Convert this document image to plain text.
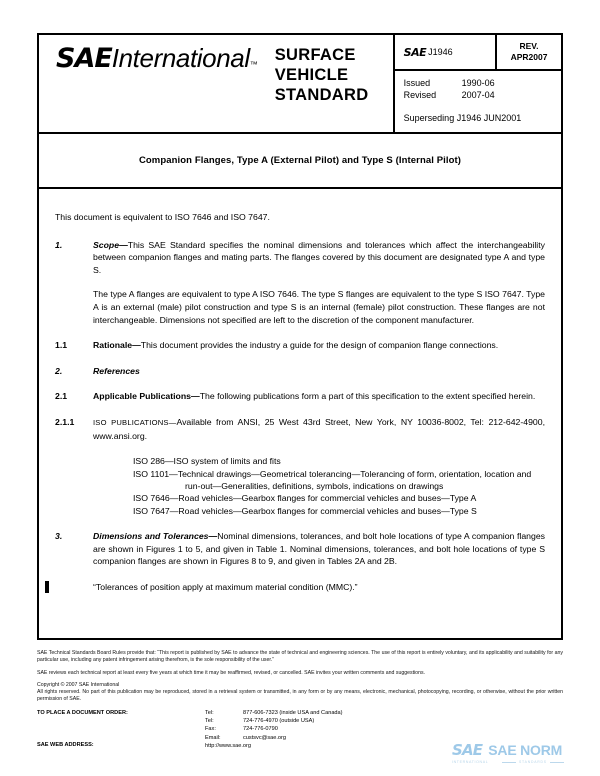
SAE International ™
SURFACE
VEHICLE
STANDARD
SAE J1946
REV.
APR2007
Issued	1990-06
Revised	2007-04
Superseding J1946 JUN2001
Companion Flanges, Type A (External Pilot) and Type S (Internal Pilot)
This document is equivalent to ISO 7646 and ISO 7647.
1.	Scope—This SAE Standard specifies the nominal dimensions and tolerances which affect the interchangeability between companion flanges and mating parts. The flanges covered by this document are designated type A and type S.
The type A flanges are equivalent to type A ISO 7646. The type S flanges are equivalent to the type S ISO 7647. Type A is an external (male) pilot construction and type S is an internal (female) pilot construction. These flanges are not interchangeable. Dimensions not specified are left to the discretion of the component manufacturer.
1.1	Rationale—This document provides the industry a guide for the design of companion flange connections.
2.	References
2.1	Applicable Publications—The following publications form a part of this specification to the extent specified herein.
2.1.1	ISO PUBLICATIONS—Available from ANSI, 25 West 43rd Street, New York, NY 10036-8002, Tel: 212-642-4900, www.ansi.org.
ISO 286—ISO system of limits and fits
ISO 1101—Technical drawings—Geometrical tolerancing—Tolerancing of form, orientation, location and
run-out—Generalities, definitions, symbols, indications on drawings
ISO 7646—Road vehicles—Gearbox flanges for commercial vehicles and buses—Type A
ISO 7647—Road vehicles—Gearbox flanges for commercial vehicles and buses—Type S
3.	Dimensions and Tolerances—Nominal dimensions, tolerances, and bolt hole locations of type A companion flanges are shown in Figures 1 to 5, and given in Table 1. Nominal dimensions, tolerances, and bolt hole locations of type S companion flanges are shown in Figures 8 to 9, and given in Tables 2A and 2B.
“Tolerances of position apply at maximum material condition (MMC).”
SAE Technical Standards Board Rules provide that: “This report is published by SAE to advance the state of technical and engineering sciences. The use of this report is entirely voluntary, and its applicability and suitability for any particular use, including any patent infringement arising therefrom, is the sole responsibility of the user.”
SAE reviews each technical report at least every five years at which time it may be reaffirmed, revised, or cancelled. SAE invites your written comments and suggestions.
Copyright © 2007 SAE International
All rights reserved. No part of this publication may be reproduced, stored in a retrieval system or transmitted, in any form or by any means, electronic, mechanical, photocopying, recording, or otherwise, without the prior written permission of SAE.
TO PLACE A DOCUMENT ORDER:
SAE WEB ADDRESS:
Tel:	877-606-7323 (inside USA and Canada)
Tel:	724-776-4970 (outside USA)
Fax:	724-776-0790
Email:	custsvc@sae.org
http://www.sae.org	SAE SAE NORM
INTERNATIONAL	STANDARDS
